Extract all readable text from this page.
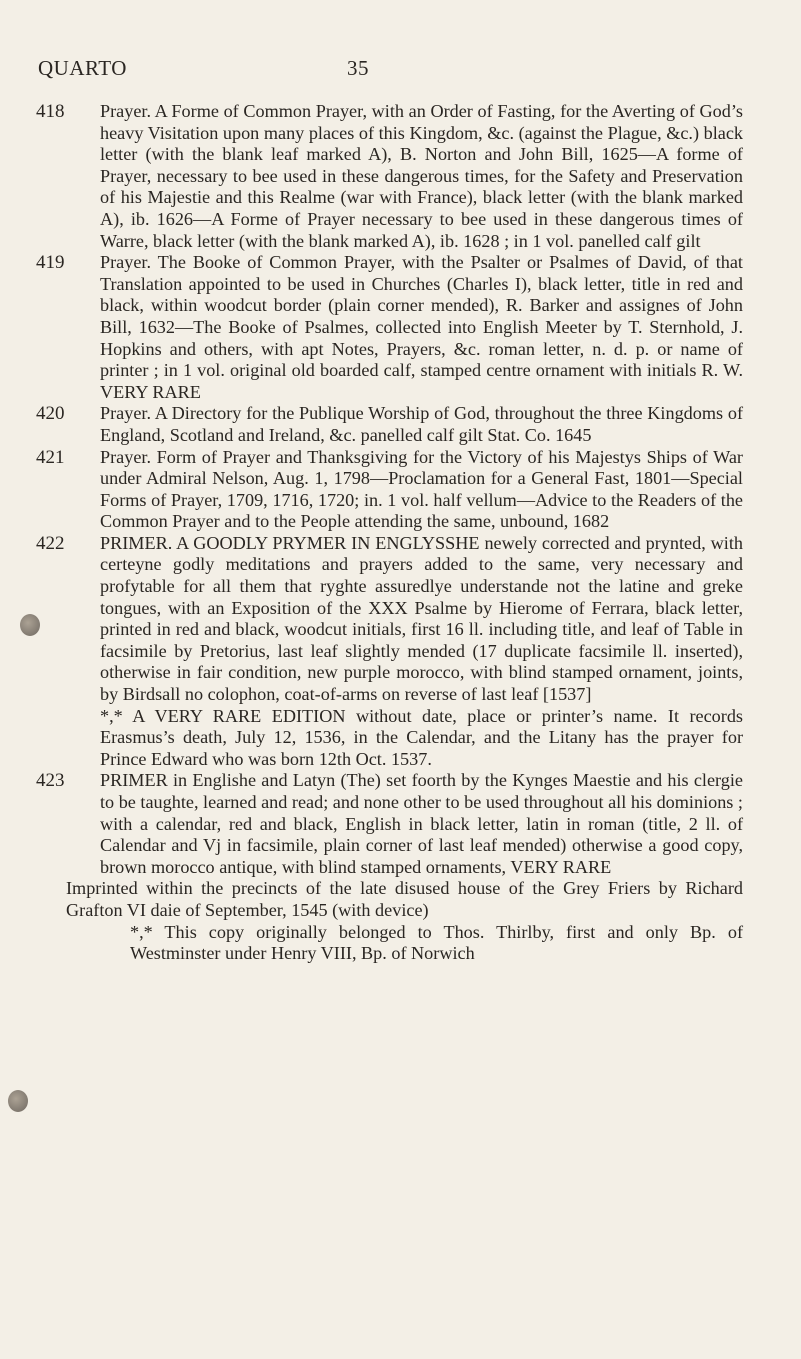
QUARTO	35
418	Prayer. A Forme of Common Prayer, with an Order of Fasting, for the Averting of God’s heavy Visitation upon many places of this Kingdom, &c. (against the Plague, &c.) black letter (with the blank leaf marked A), B. Norton and John Bill, 1625—A forme of Prayer, necessary to bee used in these dangerous times, for the Safety and Preservation of his Majestie and this Realme (war with France), black letter (with the blank marked A), ib. 1626—A Forme of Prayer necessary to bee used in these dangerous times of Warre, black letter (with the blank marked A), ib. 1628 ; in 1 vol. panelled calf gilt
419	Prayer. The Booke of Common Prayer, with the Psalter or Psalmes of David, of that Translation appointed to be used in Churches (Charles I), black letter, title in red and black, within woodcut border (plain corner mended), R. Barker and assignes of John Bill, 1632—The Booke of Psalmes, collected into English Meeter by T. Sternhold, J. Hopkins and others, with apt Notes, Prayers, &c. roman letter, n. d. p. or name of printer ; in 1 vol. original old boarded calf, stamped centre ornament with initials R. W. VERY RARE
420	Prayer. A Directory for the Publique Worship of God, throughout the three Kingdoms of England, Scotland and Ireland, &c. panelled calf gilt Stat. Co. 1645
421	Prayer. Form of Prayer and Thanksgiving for the Victory of his Majestys Ships of War under Admiral Nelson, Aug. 1, 1798—Proclamation for a General Fast, 1801—Special Forms of Prayer, 1709, 1716, 1720; in. 1 vol. half vellum—Advice to the Readers of the Common Prayer and to the People attending the same, unbound, 1682
422	PRIMER. A GOODLY PRYMER IN ENGLYSSHE newely corrected and prynted, with certeyne godly meditations and prayers added to the same, very necessary and profytable for all them that ryghte assuredlye understande not the latine and greke tongues, with an Exposition of the XXX Psalme by Hierome of Ferrara, black letter, printed in red and black, woodcut initials, first 16 ll. including title, and leaf of Table in facsimile by Pretorius, last leaf slightly mended (17 duplicate facsimile ll. inserted), otherwise in fair condition, new purple morocco, with blind stamped ornament, joints, by Birdsall no colophon, coat-of-arms on reverse of last leaf [1537]
*,* A VERY RARE EDITION without date, place or printer’s name. It records Erasmus’s death, July 12, 1536, in the Calendar, and the Litany has the prayer for Prince Edward who was born 12th Oct. 1537.
423	PRIMER in Englishe and Latyn (The) set foorth by the Kynges Maestie and his clergie to be taughte, learned and read; and none other to be used throughout all his dominions ; with a calendar, red and black, English in black letter, latin in roman (title, 2 ll. of Calendar and Vj in facsimile, plain corner of last leaf mended) otherwise a good copy, brown morocco antique, with blind stamped ornaments, VERY RARE
Imprinted within the precincts of the late disused house of the Grey Friers by Richard Grafton VI daie of September, 1545 (with device)
*,* This copy originally belonged to Thos. Thirlby, first and only Bp. of Westminster under Henry VIII, Bp. of Norwich
